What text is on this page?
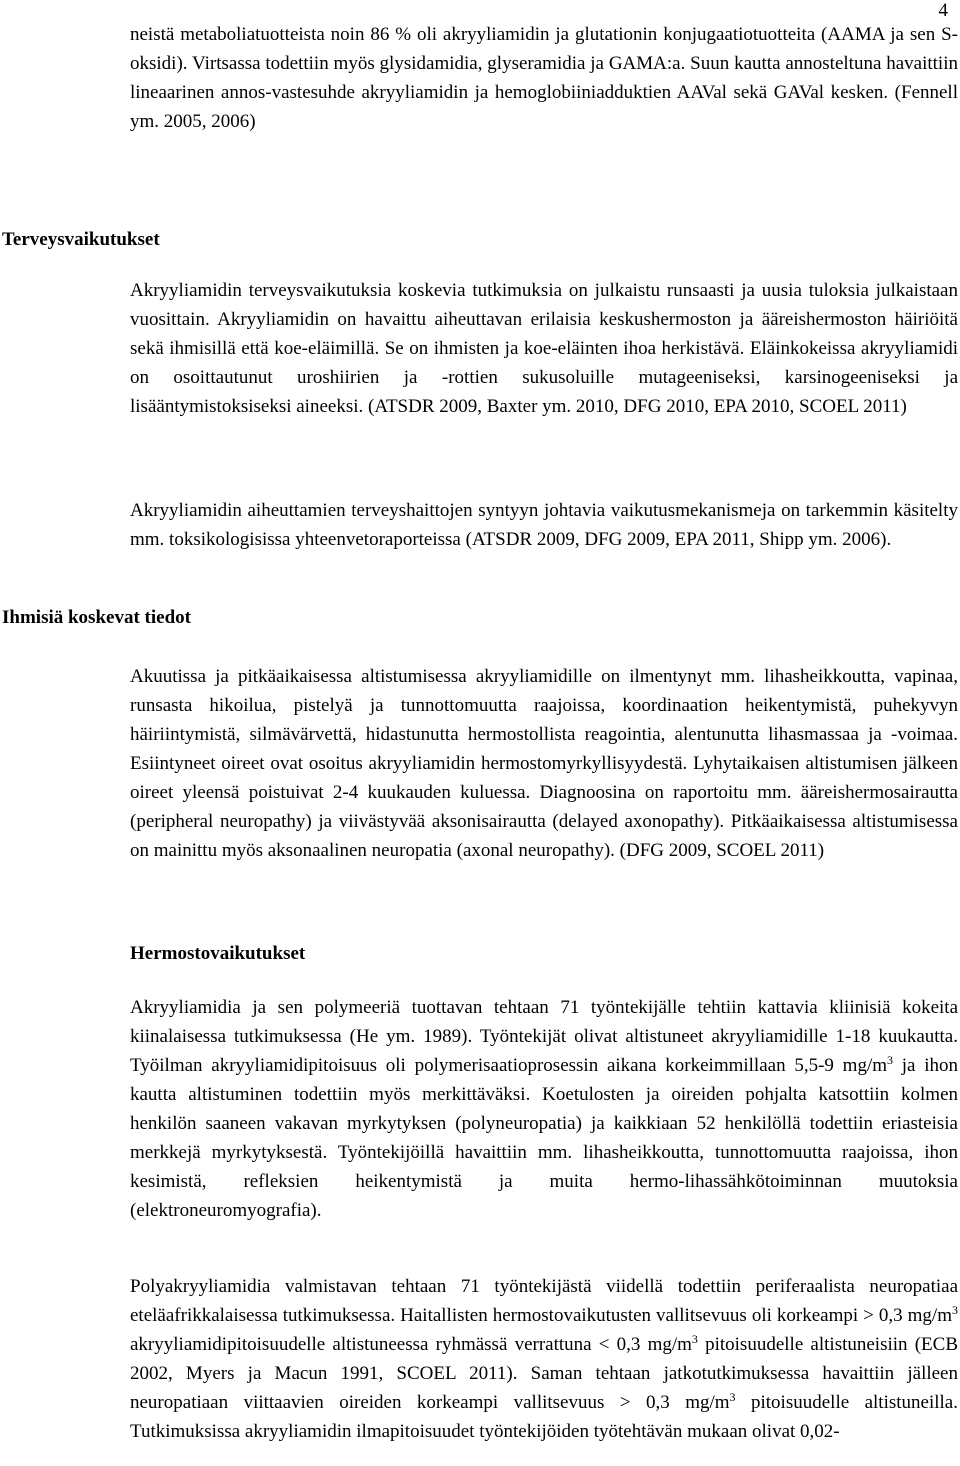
4

neistä metaboliatuotteista noin 86 % oli akryyliamidin ja glutationin konjugaatiotuotteita (AAMA ja sen S-oksidi). Virtsassa todettiin myös glysidamidia, glyseramidia ja GAMA:a. Suun kautta annosteltuna havaittiin lineaarinen annos-vastesuhde akryyliamidin ja hemoglobiiniadduktien AAVal sekä GAVal kesken. (Fennell ym. 2005, 2006)

Terveysvaikutukset

Akryyliamidin terveysvaikutuksia koskevia tutkimuksia on julkaistu runsaasti ja uusia tuloksia julkaistaan vuosittain. Akryyliamidin on havaittu aiheuttavan erilaisia keskushermoston ja ääreishermoston häiriöitä sekä ihmisillä että koe-eläimillä. Se on ihmisten ja koe-eläinten ihoa herkistävä. Eläinkokeissa akryyliamidi on osoittautunut uroshiirien ja -rottien sukusoluille mutageeniseksi, karsinogeeniseksi ja lisääntymistoksiseksi aineeksi. (ATSDR 2009, Baxter ym. 2010, DFG 2010, EPA 2010, SCOEL 2011)

Akryyliamidin aiheuttamien terveyshaittojen syntyyn johtavia vaikutusmekanismeja on tarkemmin käsitelty mm. toksikologisissa yhteenvetoraporteissa (ATSDR 2009, DFG 2009, EPA 2011, Shipp ym. 2006).

Ihmisiä koskevat tiedot

Akuutissa ja pitkäaikaisessa altistumisessa akryyliamidille on ilmentynyt mm. lihasheikkoutta, vapinaa, runsasta hikoilua, pistelyä ja tunnottomuutta raajoissa, koordinaation heikentymistä, puhekyvyn häiriintymistä, silmävärvettä, hidastunutta hermostollista reagointia, alentunutta lihasmassaa ja -voimaa. Esiintyneet oireet ovat osoitus akryyliamidin hermostomyrkyllisyydestä. Lyhytaikaisen altistumisen jälkeen oireet yleensä poistuivat 2-4 kuukauden kuluessa. Diagnoosina on raportoitu mm. ääreishermosairautta (peripheral neuropathy) ja viivästyvää aksonisairautta (delayed axonopathy). Pitkäaikaisessa altistumisessa on mainittu myös aksonaalinen neuropatia (axonal neuropathy). (DFG 2009, SCOEL 2011)

Hermostovaikutukset

Akryyliamidia ja sen polymeeriä tuottavan tehtaan 71 työntekijälle tehtiin kattavia kliinisiä kokeita kiinalaisessa tutkimuksessa (He ym. 1989). Työntekijät olivat altistuneet akryyliamidille 1-18 kuukautta. Työilman akryyliamidipitoisuus oli polymerisaatioprosessin aikana korkeimmillaan 5,5-9 $mg/m^3$ ja ihon kautta altistuminen todettiin myös merkittäväksi. Koetulosten ja oireiden pohjalta katsottiin kolmen henkilön saaneen vakavan myrkytyksen (polyneuropatia) ja kaikkiaan 52 henkilöllä todettiin eriasteisia merkkejä myrkytyksestä. Työntekijöillä havaittiin mm. lihasheikkoutta, tunnottomuutta raajoissa, ihon kesimistä, refleksien heikentymistä ja muita hermo-lihassähkötoiminnan muutoksia (elektroneuromyografia).

Polyakryyliamidia valmistavan tehtaan 71 työntekijästä viidellä todettiin periferaalista neuropatiaa eteläafrikkalaisessa tutkimuksessa. Haitallisten hermostovaikutusten vallitsevuus oli korkeampi > 0,3 $mg/m^3$ akryyliamidipitoisuudelle altistuneessa ryhmässä verrattuna < 0,3 $mg/m^3$ pitoisuudelle altistuneisiin (ECB 2002, Myers ja Macun 1991, SCOEL 2011). Saman tehtaan jatkotutkimuksessa havaittiin jälleen neuropatiaan viittaavien oireiden korkeampi vallitsevuus > 0,3 $mg/m^3$ pitoisuudelle altistuneilla. Tutkimuksissa akryyliamidin ilmapitoisuudet työntekijöiden työtehtävän mukaan olivat 0,02-
